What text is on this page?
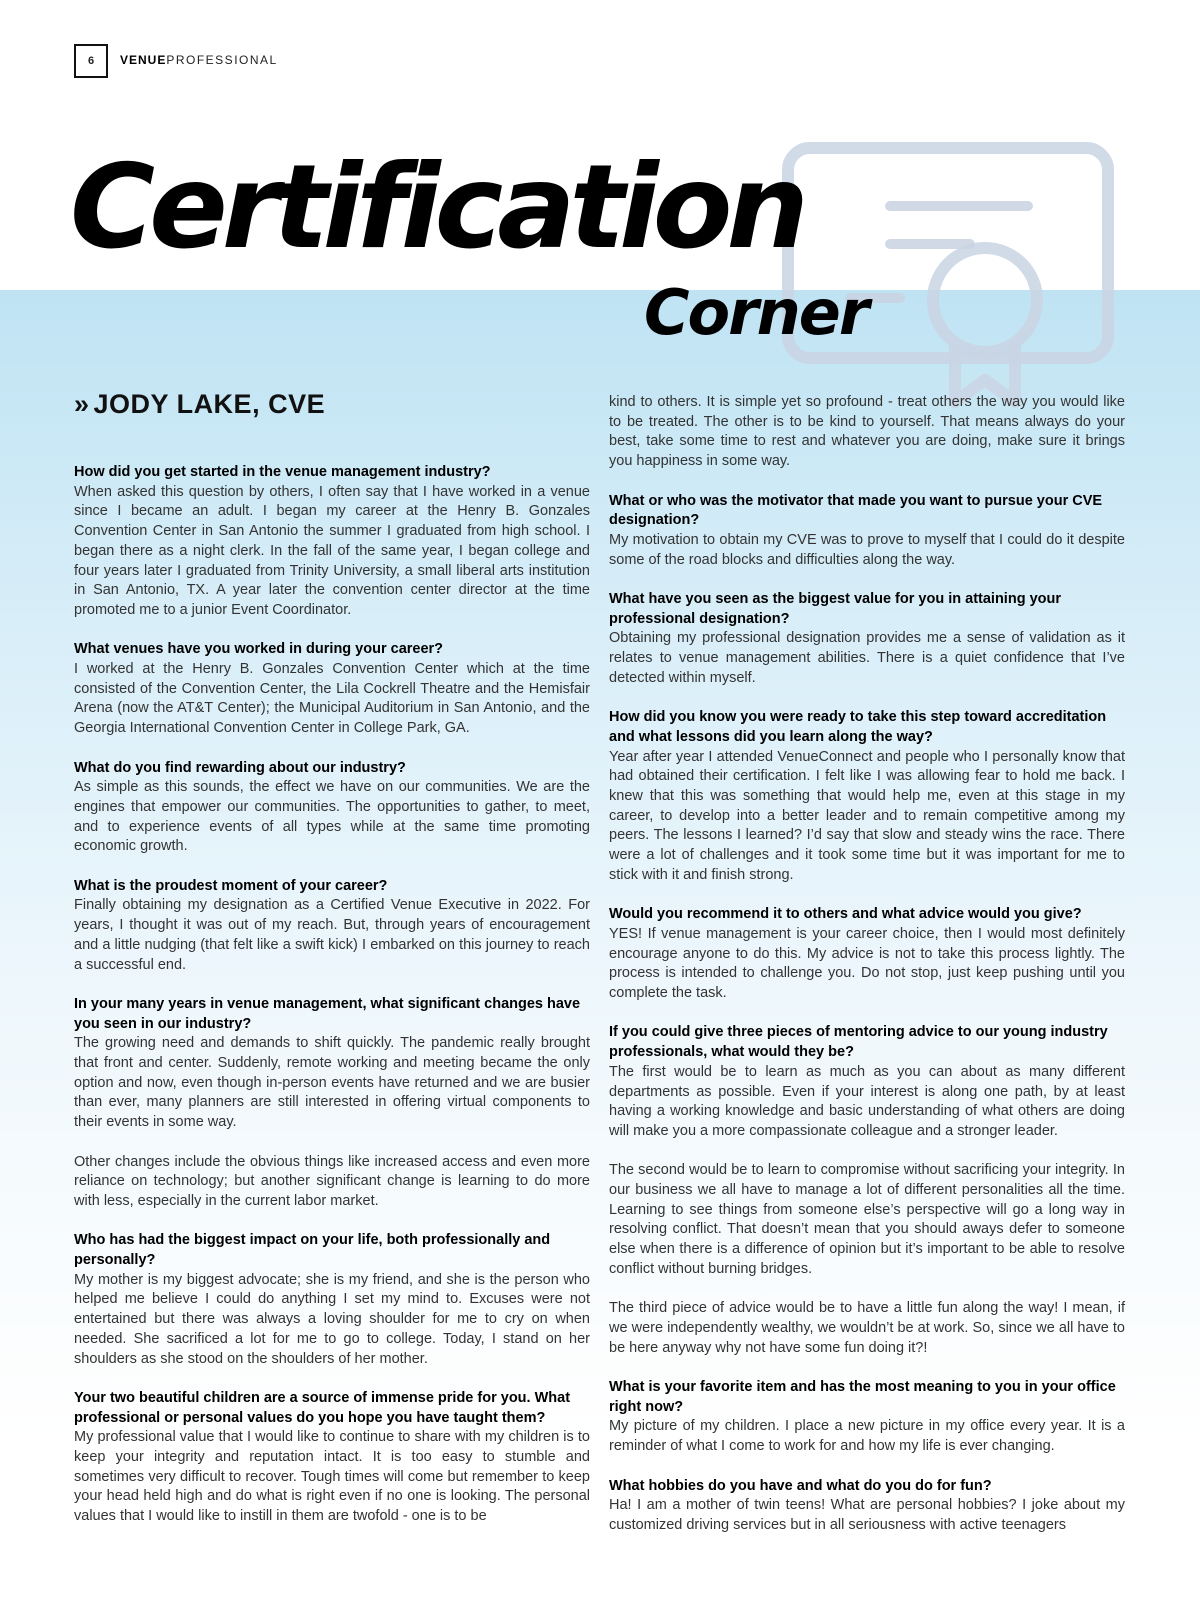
6	VENUEPROFESSIONAL
Certification
Corner
» JODY LAKE, CVE

How did you get started in the venue management industry?

When asked this question by others, I often say that I have worked in a venue since I became an adult. I began my career at the Henry B. Gonzales Convention Center in San Antonio the summer I graduated from high school. I began there as a night clerk. In the fall of the same year, I began college and four years later I graduated from Trinity University, a small liberal arts institution in San Antonio, TX. A year later the convention center director at the time promoted me to a junior Event Coordinator.

What venues have you worked in during your career?

I worked at the Henry B. Gonzales Convention Center which at the time consisted of the Convention Center, the Lila Cockrell Theatre and the Hemisfair Arena (now the AT&T Center); the Municipal Auditorium in San Antonio, and the Georgia International Convention Center in College Park, GA.

What do you find rewarding about our industry?

As simple as this sounds, the effect we have on our communities. We are the engines that empower our communities. The opportunities to gather, to meet, and to experience events of all types while at the same time promoting economic growth.

What is the proudest moment of your career?

Finally obtaining my designation as a Certified Venue Executive in 2022. For years, I thought it was out of my reach. But, through years of encouragement and a little nudging (that felt like a swift kick) I embarked on this journey to reach a successful end.

In your many years in venue management, what significant changes have you seen in our industry?

The growing need and demands to shift quickly. The pandemic really brought that front and center. Suddenly, remote working and meeting became the only option and now, even though in-person events have returned and we are busier than ever, many planners are still interested in offering virtual components to their events in some way.

Other changes include the obvious things like increased access and even more reliance on technology; but another significant change is learning to do more with less, especially in the current labor market.

Who has had the biggest impact on your life, both professionally and personally?

My mother is my biggest advocate; she is my friend, and she is the person who helped me believe I could do anything I set my mind to. Excuses were not entertained but there was always a loving shoulder for me to cry on when needed. She sacrificed a lot for me to go to college. Today, I stand on her shoulders as she stood on the shoulders of her mother.

Your two beautiful children are a source of immense pride for you. What professional or personal values do you hope you have taught them?

My professional value that I would like to continue to share with my children is to keep your integrity and reputation intact. It is too easy to stumble and sometimes very difficult to recover. Tough times will come but remember to keep your head held high and do what is right even if no one is looking. The personal values that I would like to instill in them are twofold - one is to be

kind to others. It is simple yet so profound - treat others the way you would like to be treated. The other is to be kind to yourself. That means always do your best, take some time to rest and whatever you are doing, make sure it brings you happiness in some way.

What or who was the motivator that made you want to pursue your CVE designation?

My motivation to obtain my CVE was to prove to myself that I could do it despite some of the road blocks and difficulties along the way.

What have you seen as the biggest value for you in attaining your professional designation?

Obtaining my professional designation provides me a sense of validation as it relates to venue management abilities. There is a quiet confidence that I’ve detected within myself.

How did you know you were ready to take this step toward accreditation and what lessons did you learn along the way?

Year after year I attended VenueConnect and people who I personally know that had obtained their certification. I felt like I was allowing fear to hold me back. I knew that this was something that would help me, even at this stage in my career, to develop into a better leader and to remain competitive among my peers. The lessons I learned? I’d say that slow and steady wins the race. There were a lot of challenges and it took some time but it was important for me to stick with it and finish strong.

Would you recommend it to others and what advice would you give?

YES! If venue management is your career choice, then I would most definitely encourage anyone to do this. My advice is not to take this process lightly. The process is intended to challenge you. Do not stop, just keep pushing until you complete the task.

If you could give three pieces of mentoring advice to our young industry professionals, what would they be?

The first would be to learn as much as you can about as many different departments as possible. Even if your interest is along one path, by at least having a working knowledge and basic understanding of what others are doing will make you a more compassionate colleague and a stronger leader.

The second would be to learn to compromise without sacrificing your integrity. In our business we all have to manage a lot of different personalities all the time. Learning to see things from someone else’s perspective will go a long way in resolving conflict. That doesn’t mean that you should aways defer to someone else when there is a difference of opinion but it’s important to be able to resolve conflict without burning bridges.

The third piece of advice would be to have a little fun along the way! I mean, if we were independently wealthy, we wouldn’t be at work. So, since we all have to be here anyway why not have some fun doing it?!

What is your favorite item and has the most meaning to you in your office right now?

My picture of my children. I place a new picture in my office every year. It is a reminder of what I come to work for and how my life is ever changing.

What hobbies do you have and what do you do for fun?

Ha! I am a mother of twin teens! What are personal hobbies? I joke about my customized driving services but in all seriousness with active teenagers
